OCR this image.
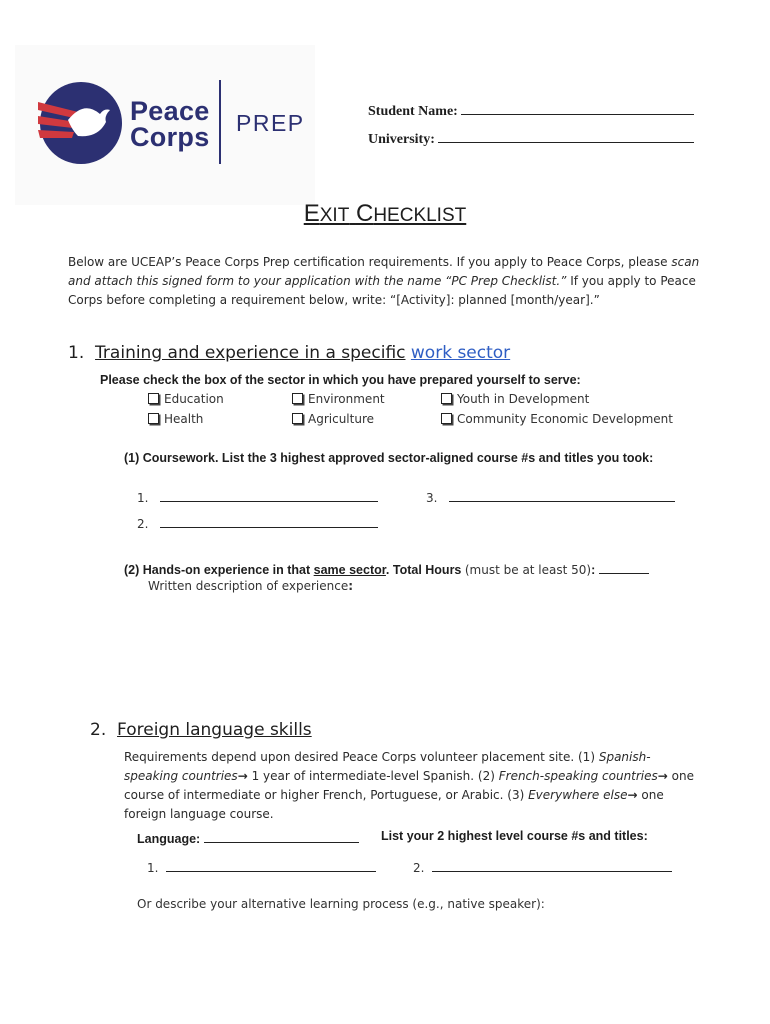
Peace
Corps PREP	Student Name:
University:
EXIT CHECKLIST
Below are UCEAP’s Peace Corps Prep certification requirements. If you apply to Peace Corps, please scan and attach this signed form to your application with the name “PC Prep Checklist.” If you apply to Peace Corps before completing a requirement below, write: “[Activity]: planned [month/year].”
1. Training and experience in a specific work sector
Please check the box of the sector in which you have prepared yourself to serve:
Education	Environment	Youth in Development
Health	Agriculture	Community Economic Development
(1) Coursework. List the 3 highest approved sector-aligned course #s and titles you took:
1.	3.
2.
(2) Hands-on experience in that same sector. Total Hours (must be at least 50):
Written description of experience:
2. Foreign language skills
Requirements depend upon desired Peace Corps volunteer placement site. (1) Spanish-speaking countries→ 1 year of intermediate-level Spanish. (2) French-speaking countries→ one course of intermediate or higher French, Portuguese, or Arabic. (3) Everywhere else→ one foreign language course.
Language:	List your 2 highest level course #s and titles:
1.	2.
Or describe your alternative learning process (e.g., native speaker):
